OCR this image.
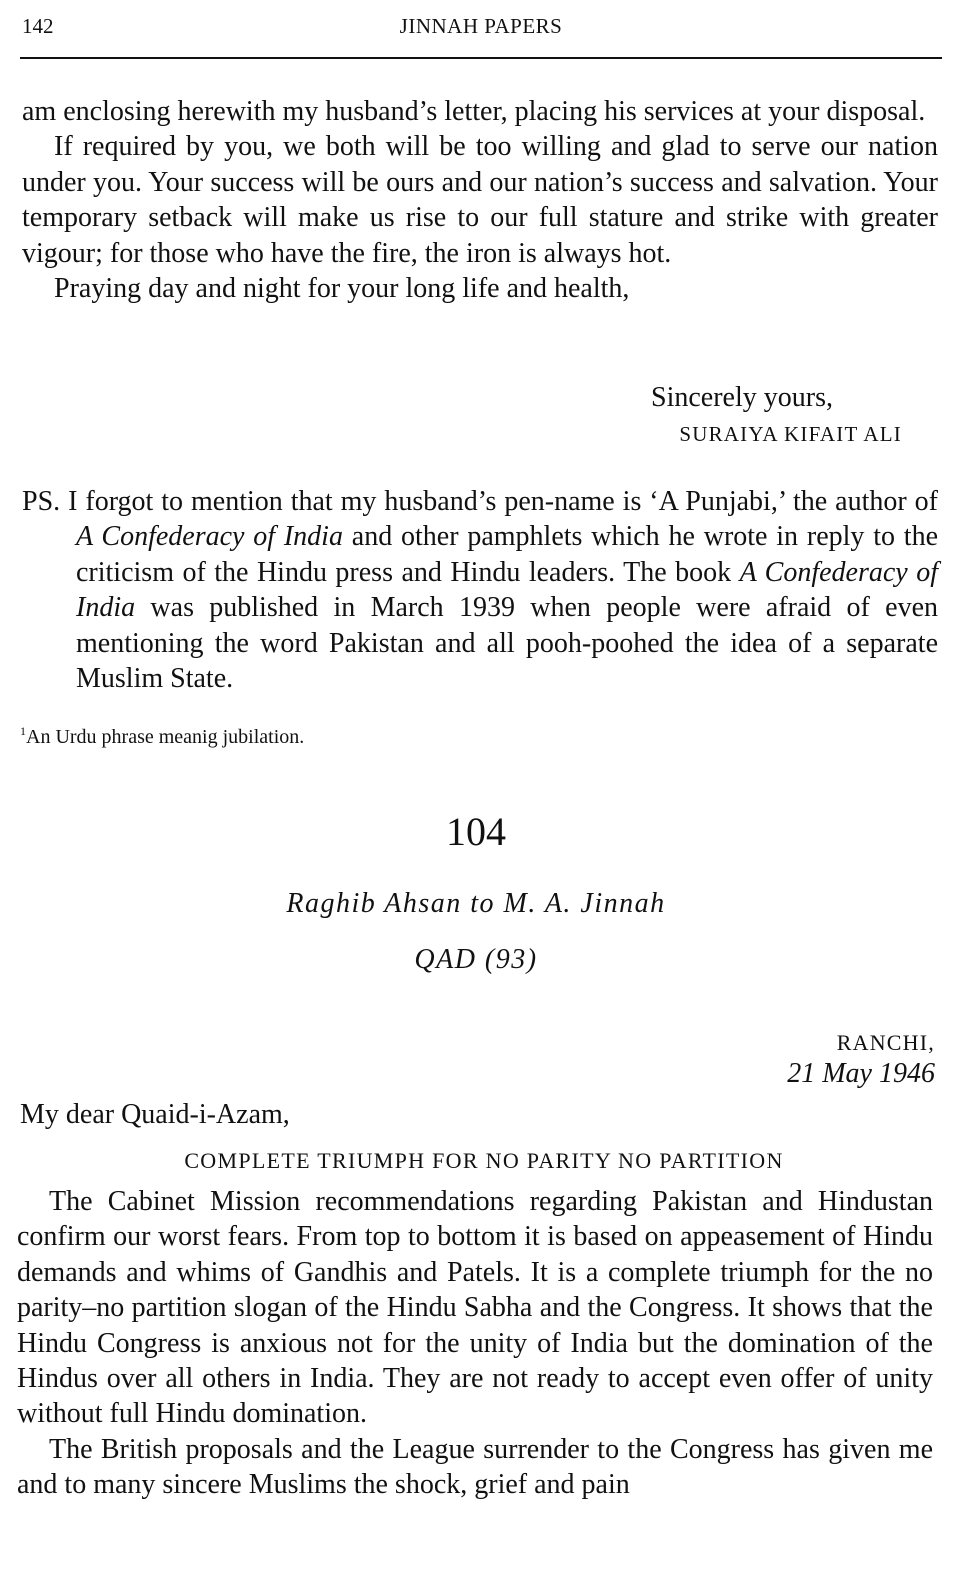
142	JINNAH PAPERS

am enclosing herewith my husband’s letter, placing his services at your disposal.

If required by you, we both will be too willing and glad to serve our nation under you. Your success will be ours and our nation’s success and salvation. Your temporary setback will make us rise to our full stature and strike with greater vigour; for those who have the fire, the iron is always hot.

Praying day and night for your long life and health,

Sincerely yours,
SURAIYA KIFAIT ALI

PS. I forgot to mention that my husband’s pen-name is ‘A Punjabi,’ the author of A Confederacy of India and other pamphlets which he wrote in reply to the criticism of the Hindu press and Hindu leaders. The book A Confederacy of India was published in March 1939 when people were afraid of even mentioning the word Pakistan and all pooh-poohed the idea of a separate Muslim State.

$^1$An Urdu phrase meanig jubilation.
104
Raghib Ahsan to M. A. Jinnah
QAD (93)
RANCHI,
21 May 1946
My dear Quaid-i-Azam,
COMPLETE TRIUMPH FOR NO PARITY NO PARTITION

The Cabinet Mission recommendations regarding Pakistan and Hindustan confirm our worst fears. From top to bottom it is based on appeasement of Hindu demands and whims of Gandhis and Patels. It is a complete triumph for the no parity–no partition slogan of the Hindu Sabha and the Congress. It shows that the Hindu Congress is anxious not for the unity of India but the domination of the Hindus over all others in India. They are not ready to accept even offer of unity without full Hindu domination.

The British proposals and the League surrender to the Congress has given me and to many sincere Muslims the shock, grief and pain
